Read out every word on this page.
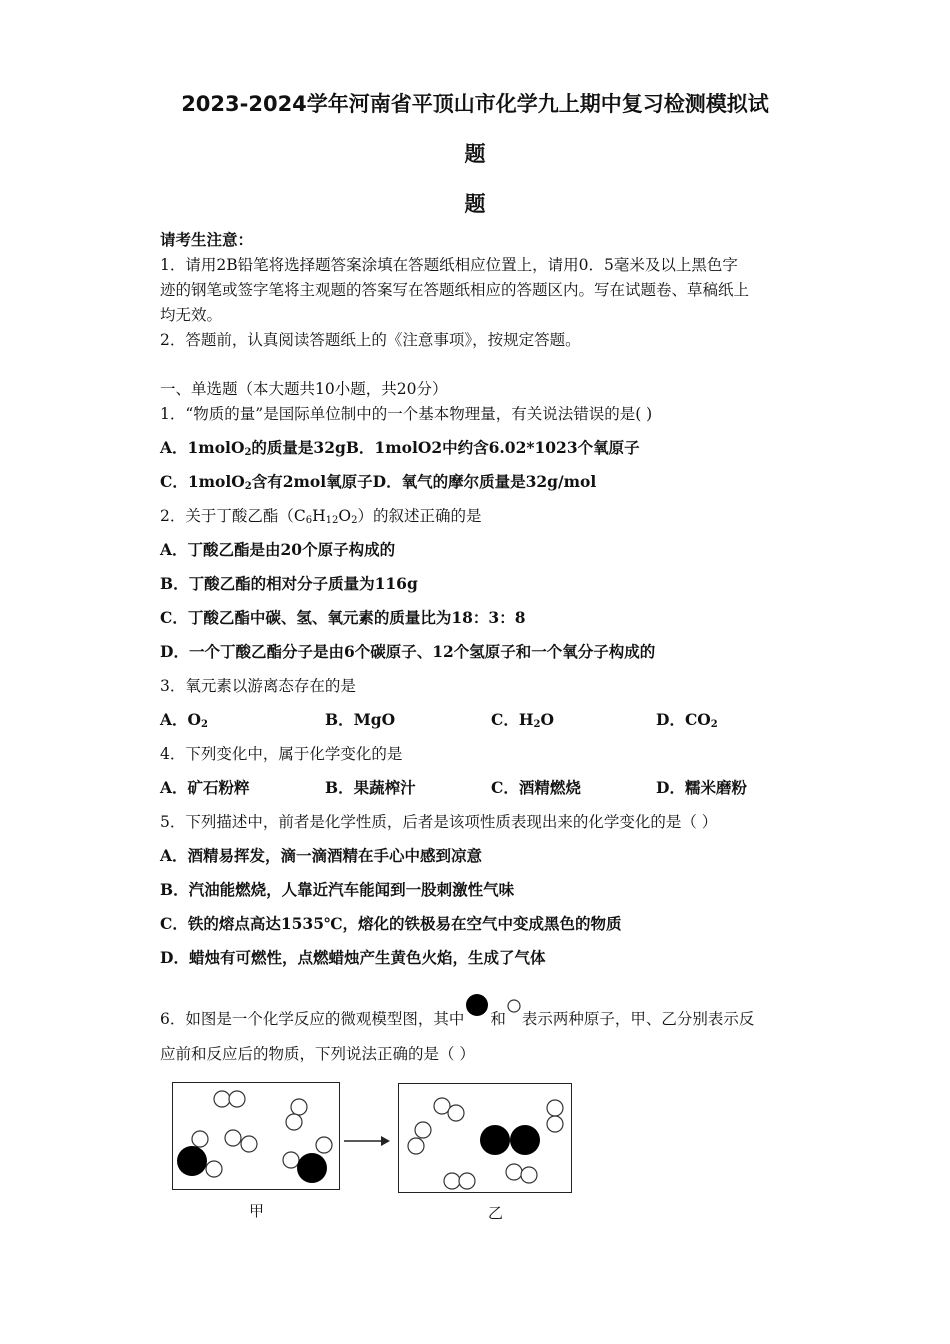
2023-2024学年河南省平顶山市化学九上期中复习检测模拟试
题
题
请考生注意：
1．请用2B铅笔将选择题答案涂填在答题纸相应位置上，请用0．5毫米及以上黑色字
迹的钢笔或签字笔将主观题的答案写在答题纸相应的答题区内。写在试题卷、草稿纸上
均无效。
2．答题前，认真阅读答题纸上的《注意事项》，按规定答题。
一、单选题（本大题共10小题，共20分）
1．“物质的量”是国际单位制中的一个基本物理量，有关说法错误的是( )
A．1molO$_2$的质量是32gB．1molO2中约含6.02*1023个氧原子
C．1molO$_2$含有2mol氧原子D．氧气的摩尔质量是32g/mol
2．关于丁酸乙酯$(C_6H_{12}O_2)$的叙述正确的是
A．丁酸乙酯是由20个原子构成的
B．丁酸乙酯的相对分子质量为116g
C．丁酸乙酯中碳、氢、氧元素的质量比为18：3：8
D．一个丁酸乙酯分子是由6个碳原子、12个氢原子和一个氧分子构成的
3．氧元素以游离态存在的是
A．$O_2$	B．MgO	C．$H_2O$	D．$CO_2$
4．下列变化中，属于化学变化的是
A．矿石粉粹	B．果蔬榨汁	C．酒精燃烧	D．糯米磨粉
5．下列描述中，前者是化学性质，后者是该项性质表现出来的化学变化的是（ ）
A．酒精易挥发，滴一滴酒精在手心中感到凉意
B．汽油能燃烧，人靠近汽车能闻到一股刺激性气味
C．铁的熔点高达1535℃，熔化的铁极易在空气中变成黑色的物质
D．蜡烛有可燃性，点燃蜡烛产生黄色火焰，生成了气体
6．如图是一个化学反应的微观模型图，其中 和 表示两种原子，甲、乙分别表示反
应前和反应后的物质，下列说法正确的是（ ）
甲	乙
